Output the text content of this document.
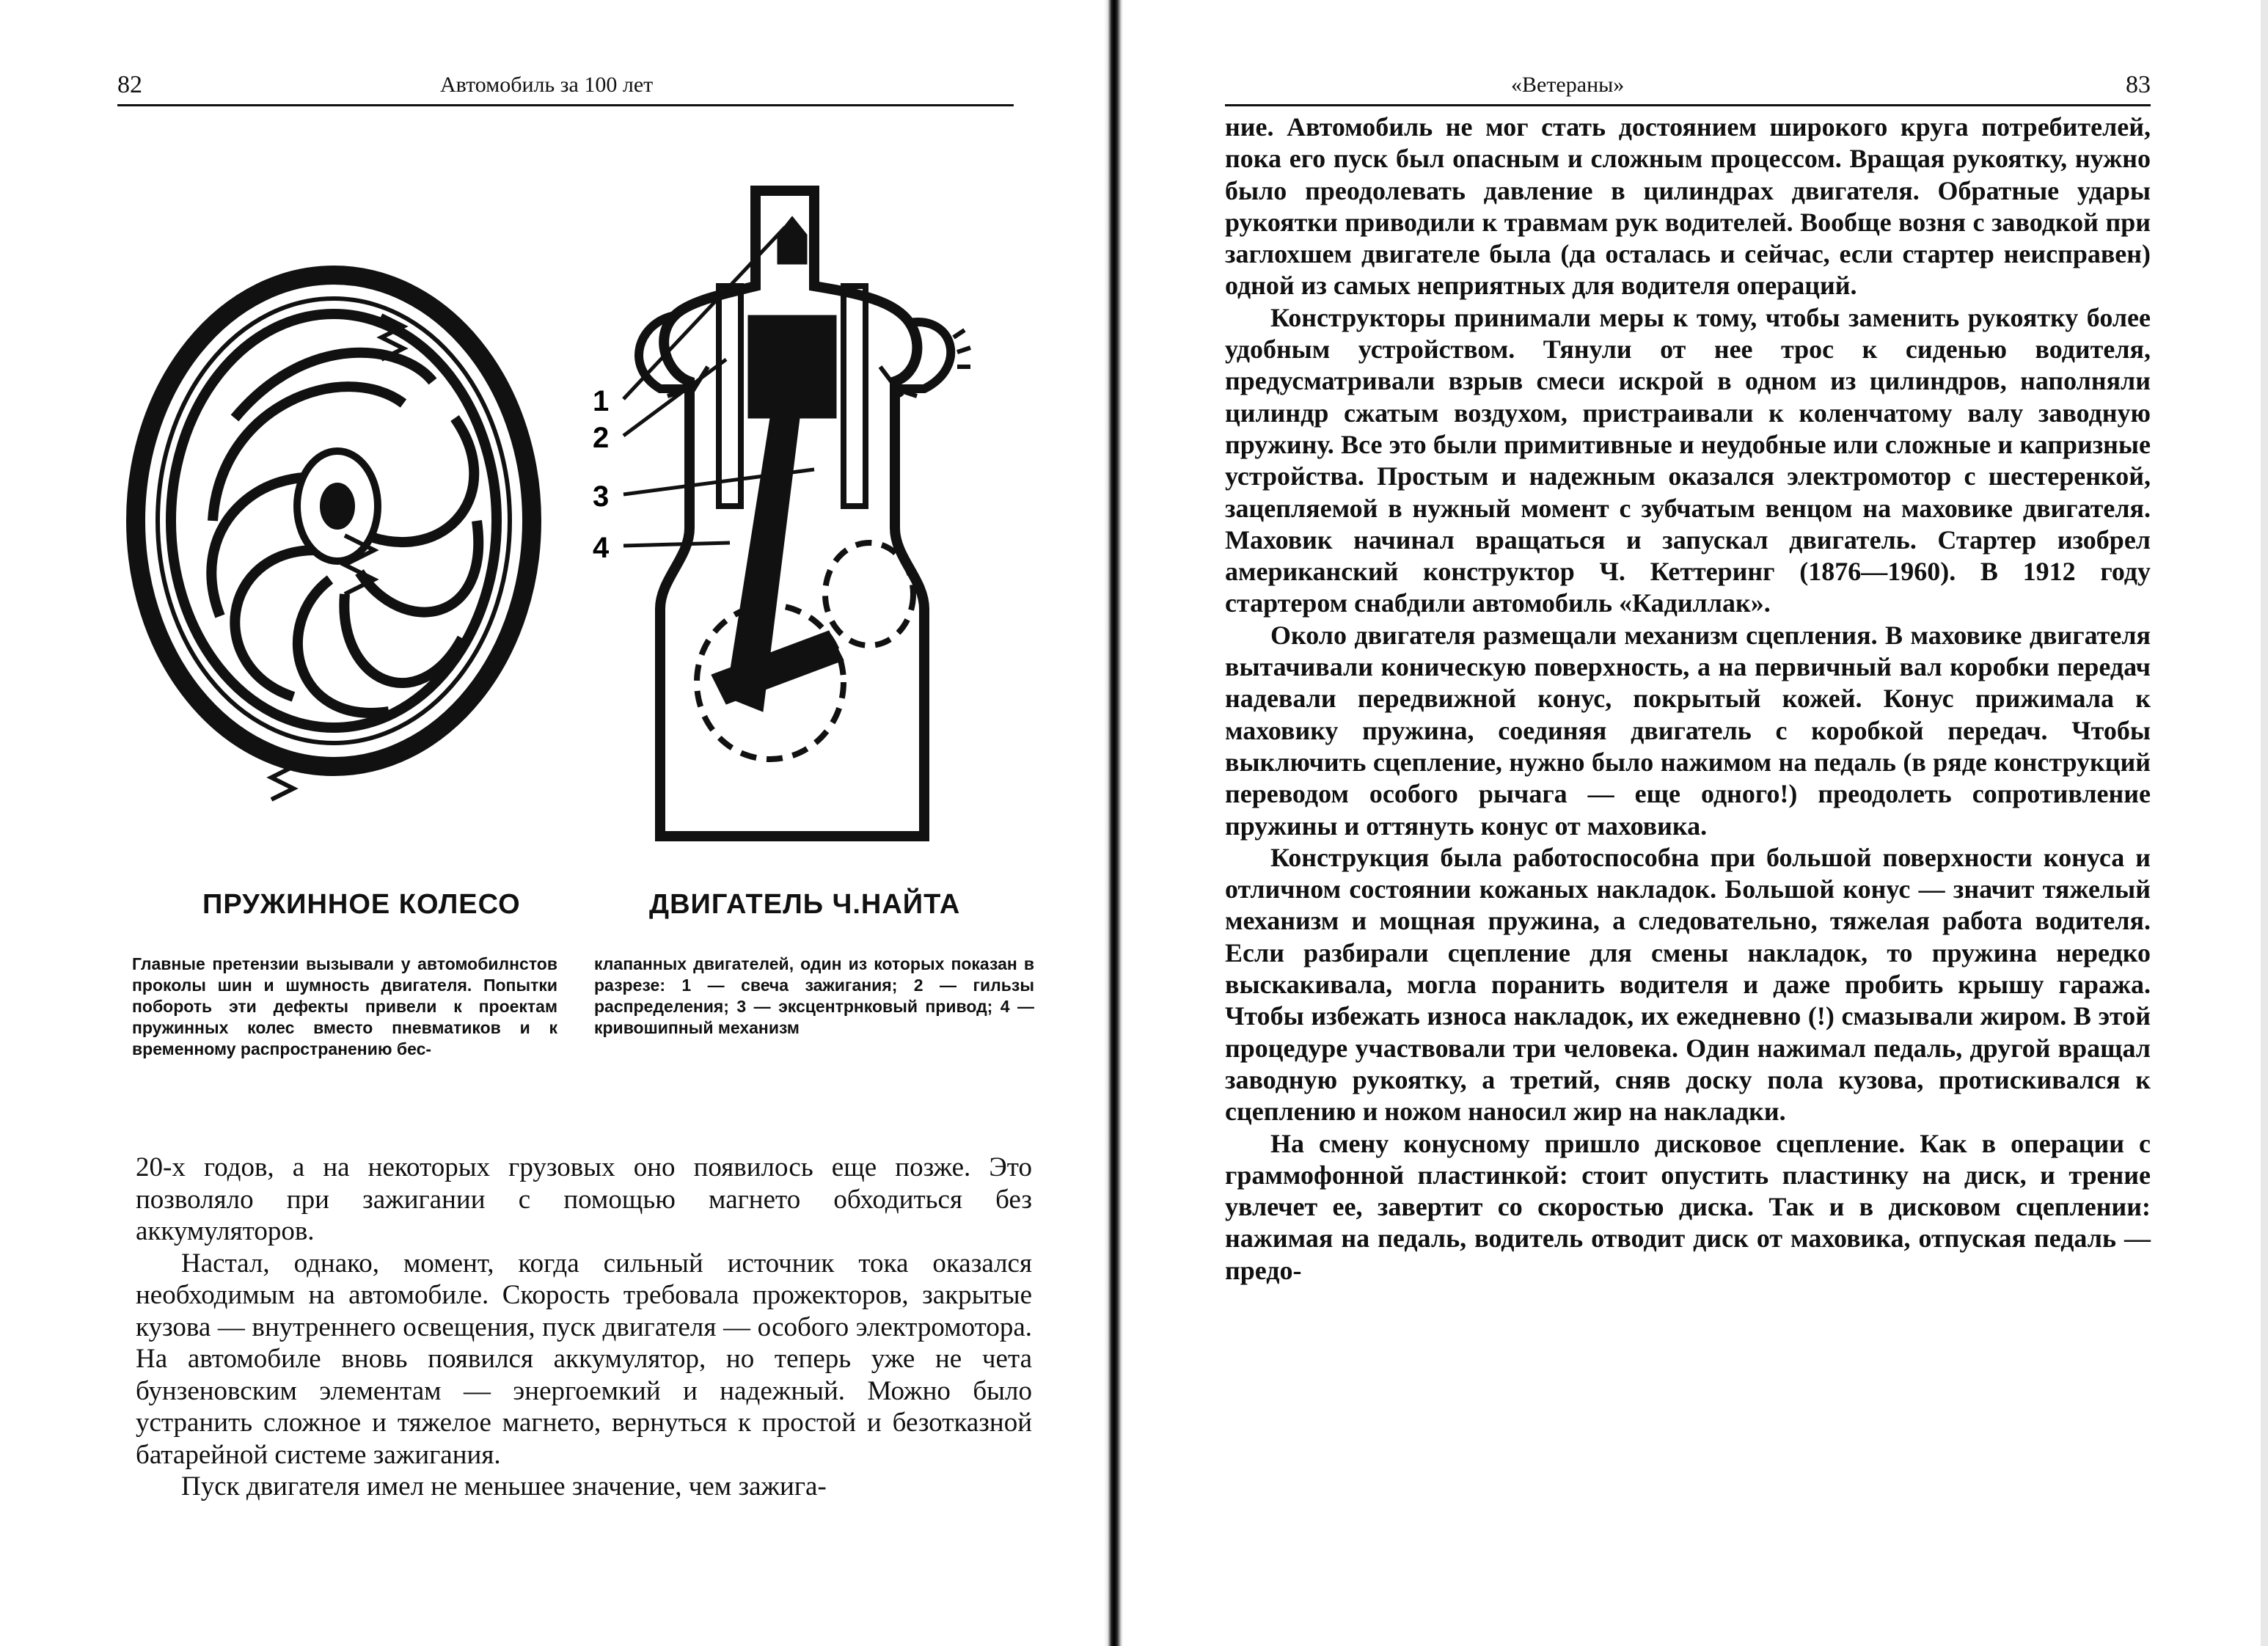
82	Автомобиль за 100 лет
1
2
3
4
ПРУЖИННОЕ КОЛЕСО	ДВИГАТЕЛЬ Ч.НАЙТА
Главные претензии вызывали у автомобилнстов проколы шин и шумность двигателя. Попытки побороть эти дефекты привели к проектам пружинных колес вместо пневматиков и к временному распространению бес-
клапанных двигателей, один из которых показан в разрезе: 1 — свеча зажигания; 2 — гильзы распределения; 3 — эксцентрнковый привод; 4 — кривошипный механизм

20-х годов, а на некоторых грузовых оно появилось еще позже. Это позволяло при зажигании с помощью магнето обходиться без аккумуляторов.

Настал, однако, момент, когда сильный источник тока оказался необходимым на автомобиле. Скорость требовала прожекторов, закрытые кузова — внутреннего освещения, пуск двигателя — особого электромотора. На автомобиле вновь появился аккумулятор, но теперь уже не чета бунзеновским элементам — энергоемкий и надежный. Можно было устранить сложное и тяжелое магнето, вернуться к простой и безотказной батарейной системе зажигания.

Пуск двигателя имел не меньшее значение, чем зажига-

«Ветераны»	83

ние. Автомобиль не мог стать достоянием широкого круга потребителей, пока его пуск был опасным и сложным процессом. Вращая рукоятку, нужно было преодолевать давление в цилиндрах двигателя. Обратные удары рукоятки приводили к травмам рук водителей. Вообще возня с заводкой при заглохшем двигателе была (да осталась и сейчас, если стартер неисправен) одной из самых неприятных для водителя операций.

Конструкторы принимали меры к тому, чтобы заменить рукоятку более удобным устройством. Тянули от нее трос к сиденью водителя, предусматривали взрыв смеси искрой в одном из цилиндров, наполняли цилиндр сжатым воздухом, пристраивали к коленчатому валу заводную пружину. Все это были примитивные и неудобные или сложные и капризные устройства. Простым и надежным оказался электромотор с шестеренкой, зацепляемой в нужный момент с зубчатым венцом на маховике двигателя. Маховик начинал вращаться и запускал двигатель. Стартер изобрел американский конструктор Ч. Кеттеринг (1876—1960). В 1912 году стартером снабдили автомобиль «Кадиллак».

Около двигателя размещали механизм сцепления. В маховике двигателя вытачивали коническую поверхность, а на первичный вал коробки передач надевали передвижной конус, покрытый кожей. Конус прижимала к маховику пружина, соединяя двигатель с коробкой передач. Чтобы выключить сцепление, нужно было нажимом на педаль (в ряде конструкций переводом особого рычага — еще одного!) преодолеть сопротивление пружины и оттянуть конус от маховика.

Конструкция была работоспособна при большой поверхности конуса и отличном состоянии кожаных накладок. Большой конус — значит тяжелый механизм и мощная пружина, а следовательно, тяжелая работа водителя. Если разбирали сцепление для смены накладок, то пружина нередко выскакивала, могла поранить водителя и даже пробить крышу гаража. Чтобы избежать износа накладок, их ежедневно (!) смазывали жиром. В этой процедуре участвовали три человека. Один нажимал педаль, другой вращал заводную рукоятку, а третий, сняв доску пола кузова, протискивался к сцеплению и ножом наносил жир на накладки.

На смену конусному пришло дисковое сцепление. Как в операции с граммофонной пластинкой: стоит опустить пластинку на диск, и трение увлечет ее, завертит со скоростью диска. Так и в дисковом сцеплении: нажимая на педаль, водитель отводит диск от маховика, отпуская педаль — предо-
